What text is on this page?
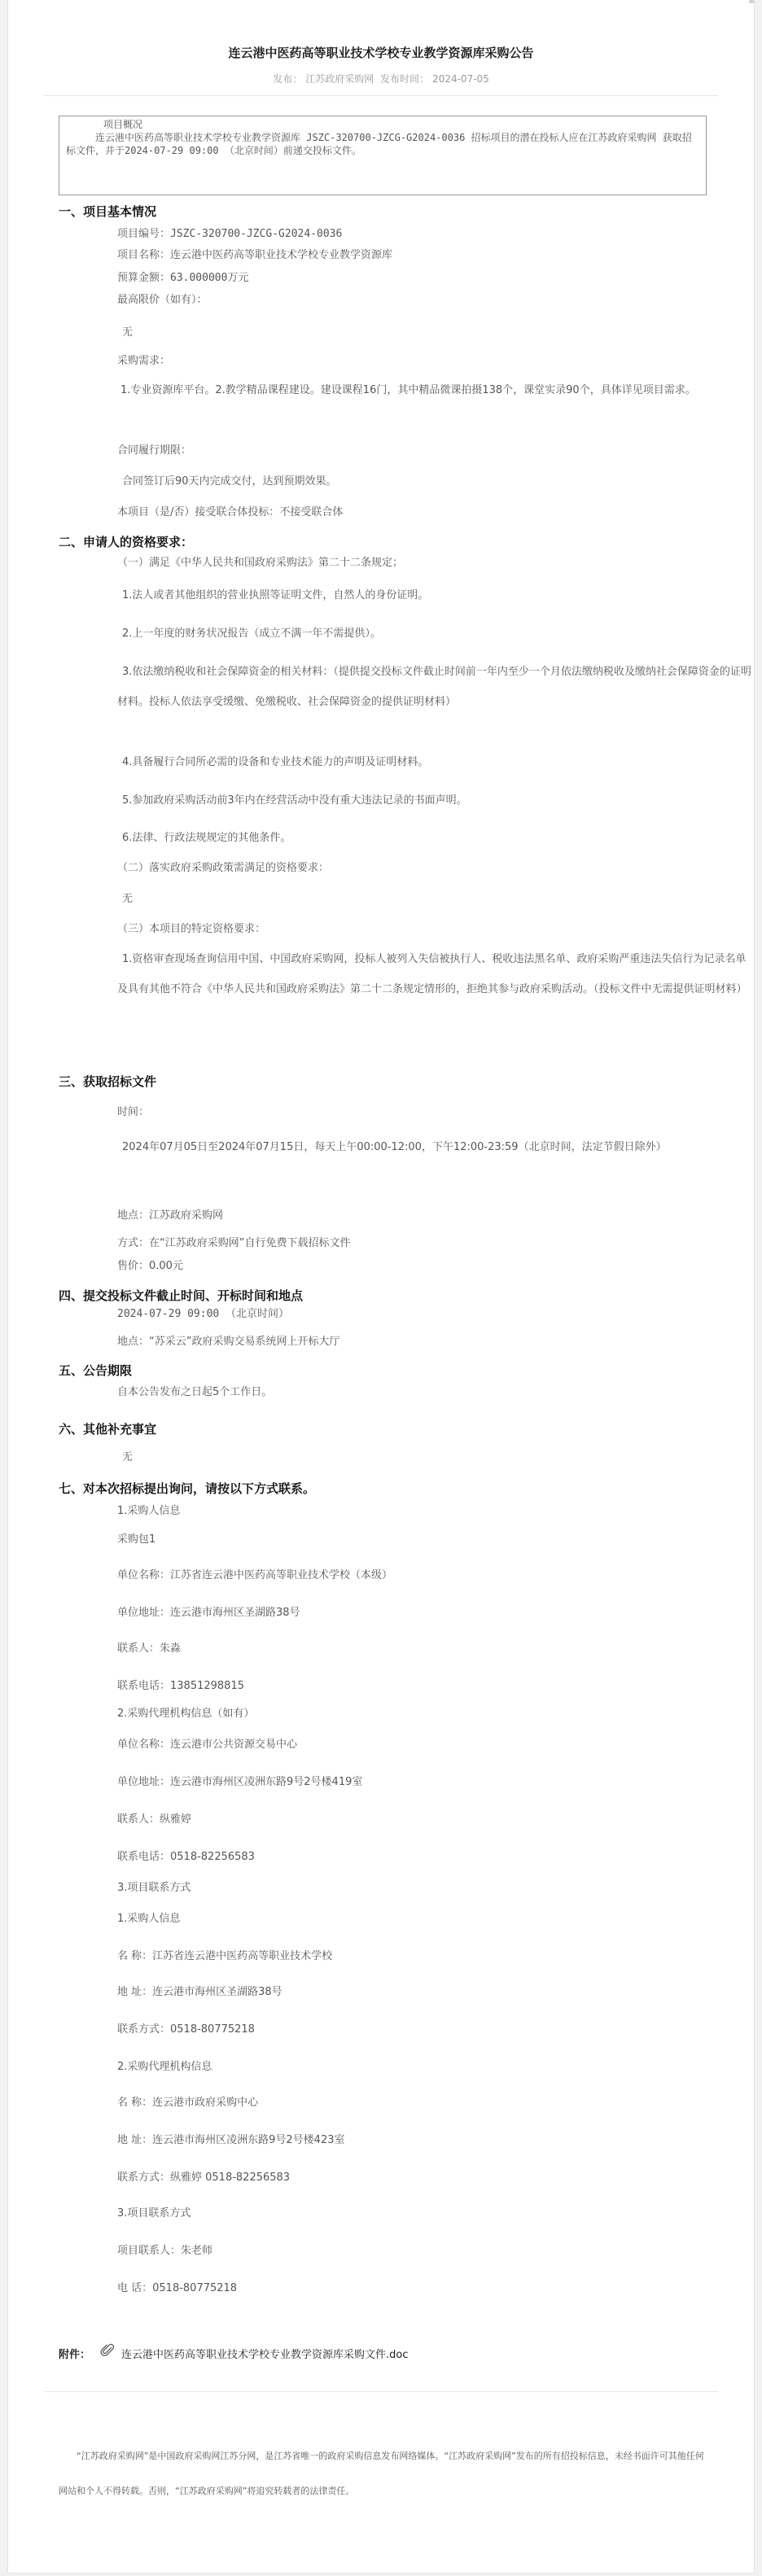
连云港中医药高等职业技术学校专业教学资源库采购公告
发布： 江苏政府采购网 发布时间： 2024-07-05
项目概况
连云港中医药高等职业技术学校专业教学资源库 JSZC-320700-JZCG-G2024-0036 招标项目的潜在投标人应在江苏政府采购网 获取招标文件，并于2024-07-29 09:00 （北京时间）前递交投标文件。
一、项目基本情况
项目编号：JSZC-320700-JZCG-G2024-0036
项目名称：连云港中医药高等职业技术学校专业教学资源库
预算金额：63.000000万元
最高限价（如有）：
无
采购需求：
1.专业资源库平台。2.教学精品课程建设。建设课程16门，其中精品微课拍摄138个，课堂实录90个，具体详见项目需求。
合同履行期限：
合同签订后90天内完成交付，达到预期效果。
本项目（是/否）接受联合体投标：不接受联合体
二、申请人的资格要求：
（一）满足《中华人民共和国政府采购法》第二十二条规定；
1.法人或者其他组织的营业执照等证明文件，自然人的身份证明。
2.上一年度的财务状况报告（成立不满一年不需提供）。
3.依法缴纳税收和社会保障资金的相关材料：（提供提交投标文件截止时间前一年内至少一个月依法缴纳税收及缴纳社会保障资金的证明材料。投标人依法享受缓缴、免缴税收、社会保障资金的提供证明材料）
4.具备履行合同所必需的设备和专业技术能力的声明及证明材料。
5.参加政府采购活动前3年内在经营活动中没有重大违法记录的书面声明。
6.法律、行政法规规定的其他条件。
（二）落实政府采购政策需满足的资格要求：
无
（三）本项目的特定资格要求：
1.资格审查现场查询信用中国、中国政府采购网，投标人被列入失信被执行人、税收违法黑名单、政府采购严重违法失信行为记录名单及具有其他不符合《中华人民共和国政府采购法》第二十二条规定情形的，拒绝其参与政府采购活动。（投标文件中无需提供证明材料）
三、获取招标文件
时间：
2024年07月05日至2024年07月15日，每天上午00:00-12:00，下午12:00-23:59（北京时间，法定节假日除外）
地点：江苏政府采购网
方式：在“江苏政府采购网”自行免费下载招标文件
售价：0.00元
四、提交投标文件截止时间、开标时间和地点
2024-07-29 09:00 （北京时间）
地点：“苏采云”政府采购交易系统网上开标大厅
五、公告期限
自本公告发布之日起5个工作日。
六、其他补充事宜
无
七、对本次招标提出询问，请按以下方式联系。
1.采购人信息
采购包1
单位名称：江苏省连云港中医药高等职业技术学校（本级）
单位地址：连云港市海州区圣湖路38号
联系人：朱淼
联系电话：13851298815
2.采购代理机构信息（如有）
单位名称：连云港市公共资源交易中心
单位地址：连云港市海州区凌洲东路9号2号楼419室
联系人：纵雅婷
联系电话：0518-82256583
3.项目联系方式
1.采购人信息
名 称：江苏省连云港中医药高等职业技术学校
地 址：连云港市海州区圣湖路38号
联系方式：0518-80775218
2.采购代理机构信息
名 称：连云港市政府采购中心
地 址：连云港市海州区凌洲东路9号2号楼423室
联系方式：纵雅婷 0518-82256583
3.项目联系方式
项目联系人：朱老师
电 话：0518-80775218
附件：	连云港中医药高等职业技术学校专业教学资源库采购文件.doc
“江苏政府采购网”是中国政府采购网江苏分网，是江苏省唯一的政府采购信息发布网络媒体。“江苏政府采购网”发布的所有招投标信息，未经书面许可其他任何网站和个人不得转载。否则，“江苏政府采购网”将追究转载者的法律责任。
